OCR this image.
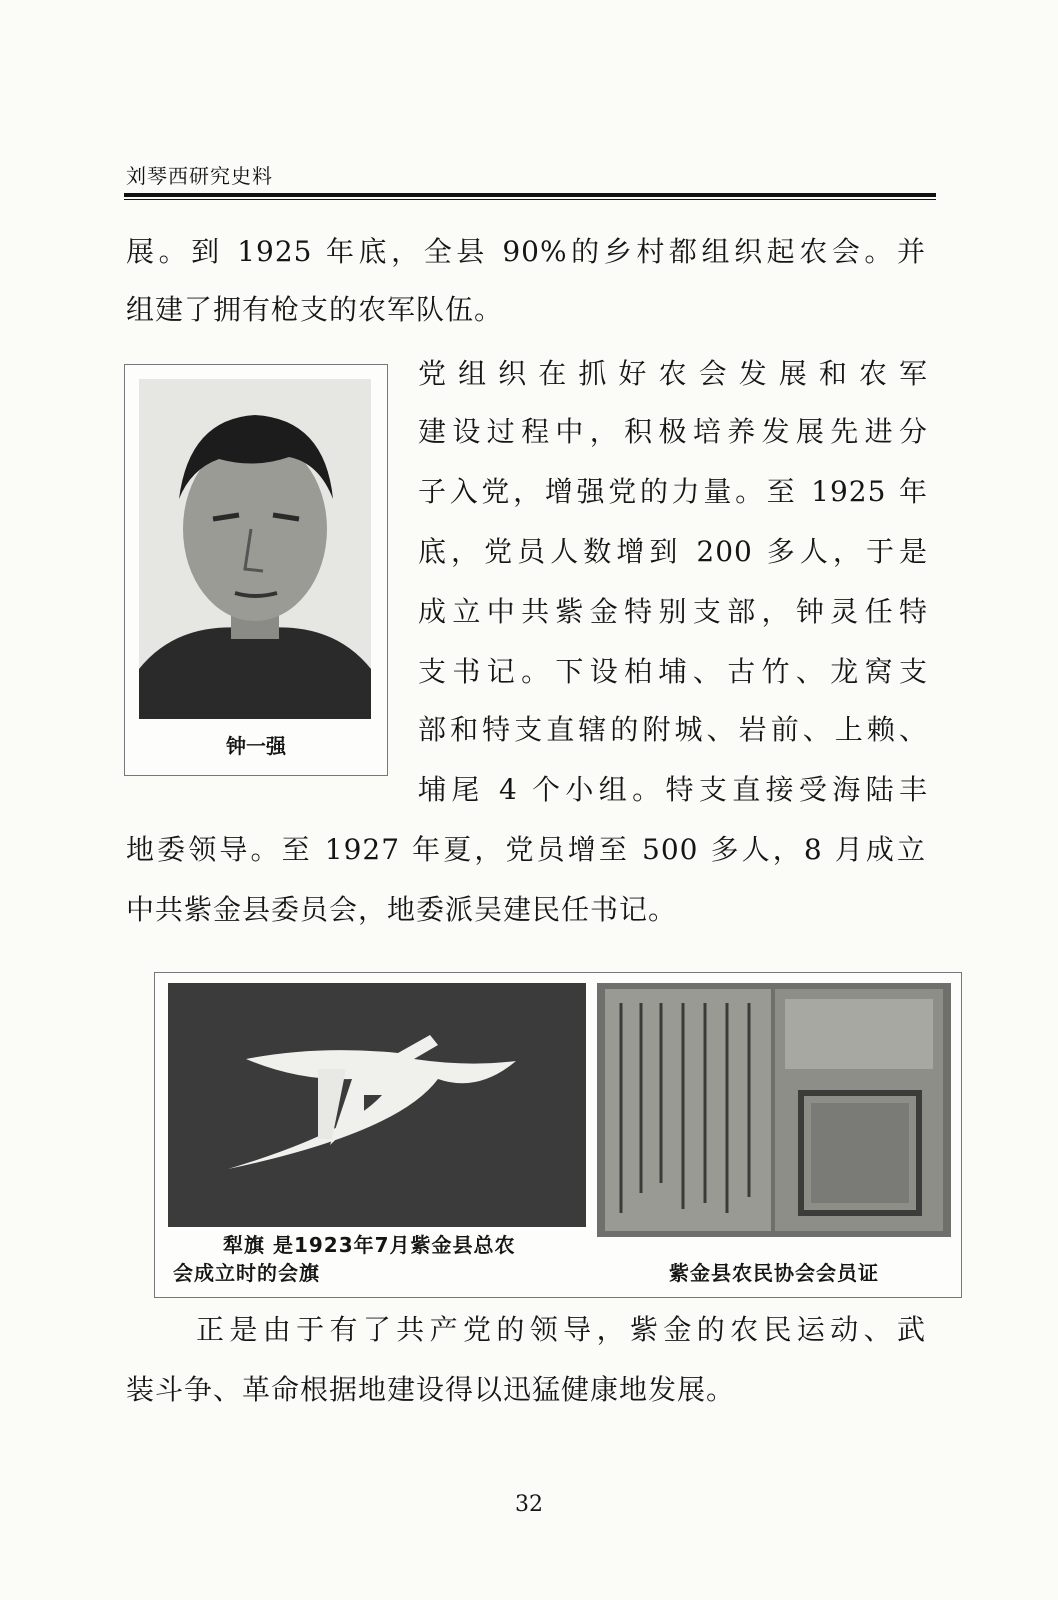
刘琴西研究史料
展。到 1925 年底，全县 90%的乡村都组织起农会。并
组建了拥有枪支的农军队伍。
钟一强
党组织在抓好农会发展和农军
建设过程中，积极培养发展先进分
子入党，增强党的力量。至 1925 年
底，党员人数增到 200 多人，于是
成立中共紫金特别支部，钟灵任特
支书记。下设柏埔、古竹、龙窝支
部和特支直辖的附城、岩前、上赖、
埔尾 4 个小组。特支直接受海陆丰
地委领导。至 1927 年夏，党员增至 500 多人，8 月成立
中共紫金县委员会，地委派吴建民任书记。
犁旗 是1923年7月紫金县总农
会成立时的会旗	紫金县农民协会会员证
正是由于有了共产党的领导，紫金的农民运动、武
装斗争、革命根据地建设得以迅猛健康地发展。
32
